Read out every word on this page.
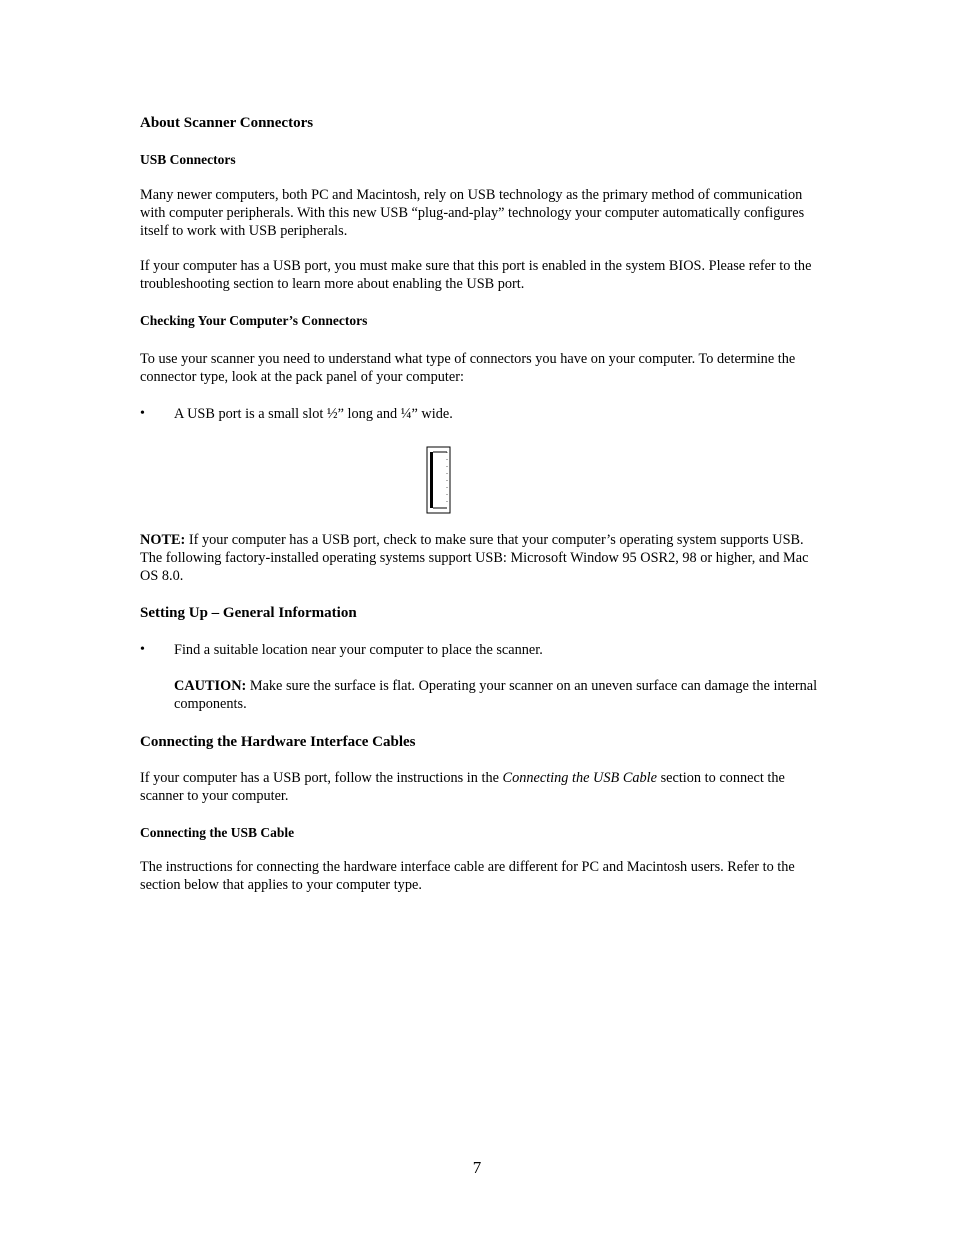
About Scanner Connectors
USB Connectors
Many newer computers, both PC and Macintosh, rely on USB technology as the primary method of communication with computer peripherals. With this new USB “plug-and-play” technology your computer automatically configures itself to work with USB peripherals.
If your computer has a USB port, you must make sure that this port is enabled in the system BIOS. Please refer to the troubleshooting section to learn more about enabling the USB port.
Checking Your Computer’s Connectors
To use your scanner you need to understand what type of connectors you have on your computer. To determine the connector type, look at the pack panel of your computer:
• A USB port is a small slot ½” long and ¼” wide.
NOTE: If your computer has a USB port, check to make sure that your computer’s operating system supports USB. The following factory-installed operating systems support USB: Microsoft Window 95 OSR2, 98 or higher, and Mac OS 8.0.
Setting Up – General Information
• Find a suitable location near your computer to place the scanner.
CAUTION: Make sure the surface is flat. Operating your scanner on an uneven surface can damage the internal components.
Connecting the Hardware Interface Cables
If your computer has a USB port, follow the instructions in the Connecting the USB Cable section to connect the scanner to your computer.
Connecting the USB Cable
The instructions for connecting the hardware interface cable are different for PC and Macintosh users. Refer to the section below that applies to your computer type.
7
